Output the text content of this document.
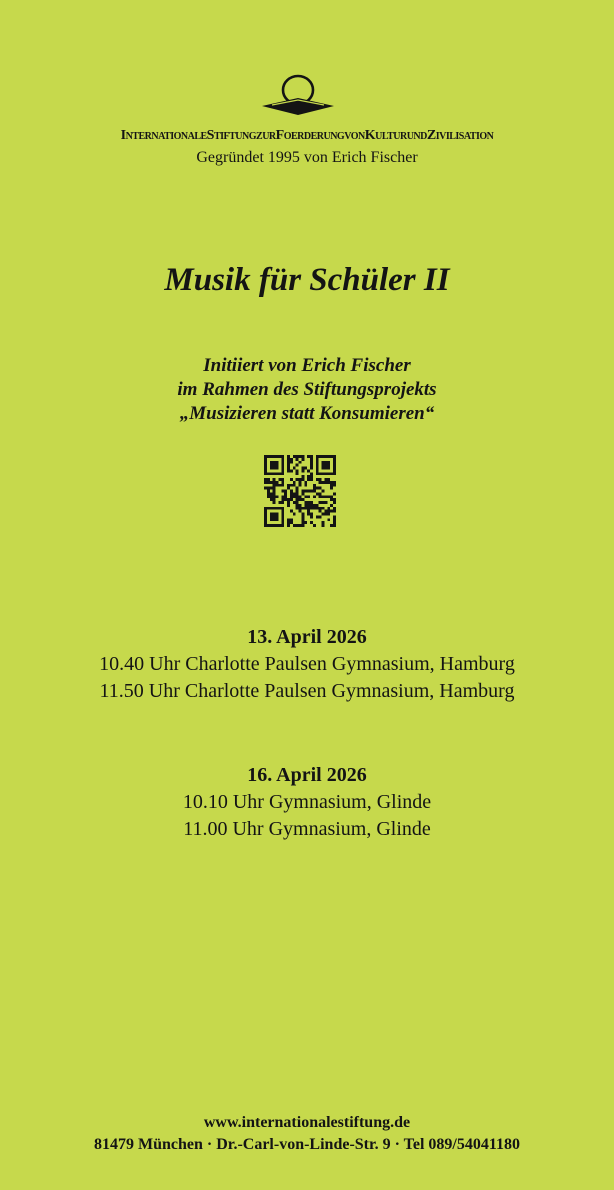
InternationaleStiftungzurFoerderungvonKulturundZivilisation
Gegründet 1995 von Erich Fischer
Musik für Schüler II
Initiiert von Erich Fischer
im Rahmen des Stiftungsprojekts
„Musizieren statt Konsumieren“
13. April 2026
10.40 Uhr Charlotte Paulsen Gymnasium, Hamburg
11.50 Uhr Charlotte Paulsen Gymnasium, Hamburg
16. April 2026
10.10 Uhr Gymnasium, Glinde
11.00 Uhr Gymnasium, Glinde
www.internationalestiftung.de
81479 München · Dr.-Carl-von-Linde-Str. 9 · Tel 089/54041180
